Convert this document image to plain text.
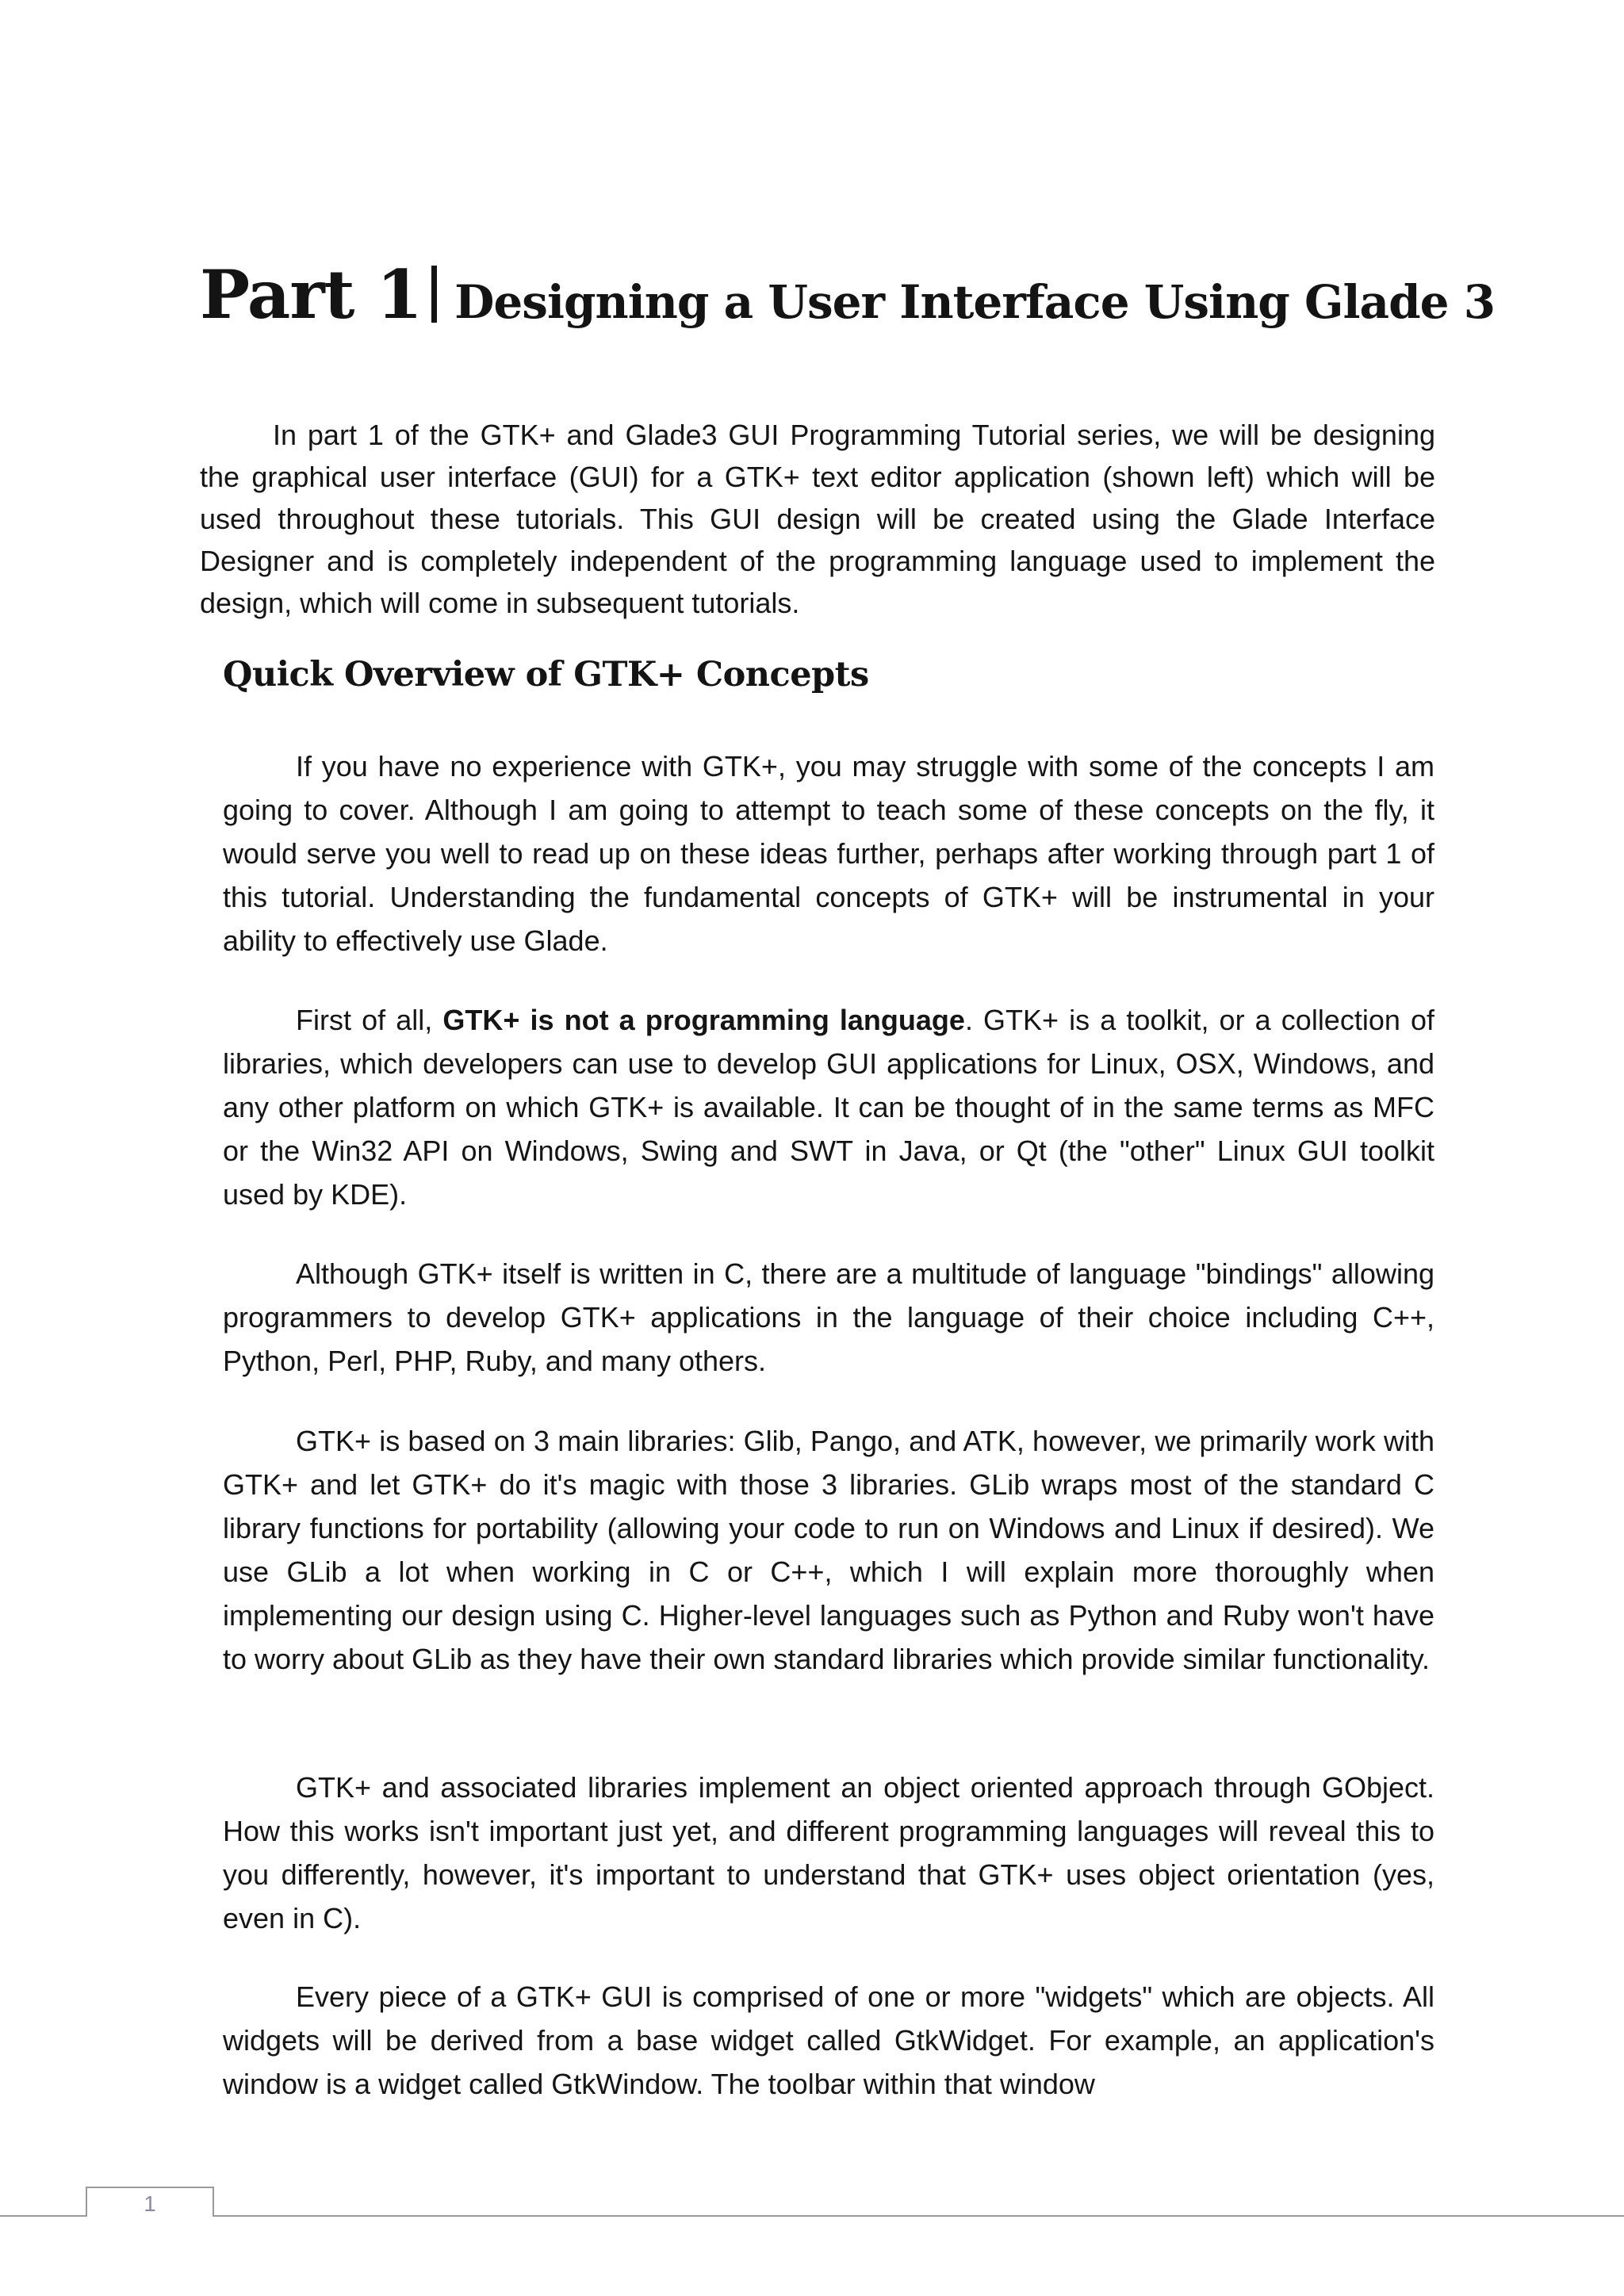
Part 1 Designing a User Interface Using Glade 3

In part 1 of the GTK+ and Glade3 GUI Programming Tutorial series, we will be designing the graphical user interface (GUI) for a GTK+ text editor application (shown left) which will be used throughout these tutorials. This GUI design will be created using the Glade Interface Designer and is completely independent of the programming language used to implement the design, which will come in subsequent tutorials.

Quick Overview of GTK+ Concepts

If you have no experience with GTK+, you may struggle with some of the concepts I am going to cover. Although I am going to attempt to teach some of these concepts on the fly, it would serve you well to read up on these ideas further, perhaps after working through part 1 of this tutorial. Understanding the fundamental concepts of GTK+ will be instrumental in your ability to effectively use Glade.

First of all, GTK+ is not a programming language. GTK+ is a toolkit, or a collection of libraries, which developers can use to develop GUI applications for Linux, OSX, Windows, and any other platform on which GTK+ is available. It can be thought of in the same terms as MFC or the Win32 API on Windows, Swing and SWT in Java, or Qt (the "other" Linux GUI toolkit used by KDE).

Although GTK+ itself is written in C, there are a multitude of language "bindings" allowing programmers to develop GTK+ applications in the language of their choice including C++, Python, Perl, PHP, Ruby, and many others.

GTK+ is based on 3 main libraries: Glib, Pango, and ATK, however, we primarily work with GTK+ and let GTK+ do it's magic with those 3 libraries. GLib wraps most of the standard C library functions for portability (allowing your code to run on Windows and Linux if desired). We use GLib a lot when working in C or C++, which I will explain more thoroughly when implementing our design using C. Higher-level languages such as Python and Ruby won't have to worry about GLib as they have their own standard libraries which provide similar functionality.

GTK+ and associated libraries implement an object oriented approach through GObject. How this works isn't important just yet, and different programming languages will reveal this to you differently, however, it's important to understand that GTK+ uses object orientation (yes, even in C).

Every piece of a GTK+ GUI is comprised of one or more "widgets" which are objects. All widgets will be derived from a base widget called GtkWidget. For example, an application's window is a widget called GtkWindow. The toolbar within that window

1
